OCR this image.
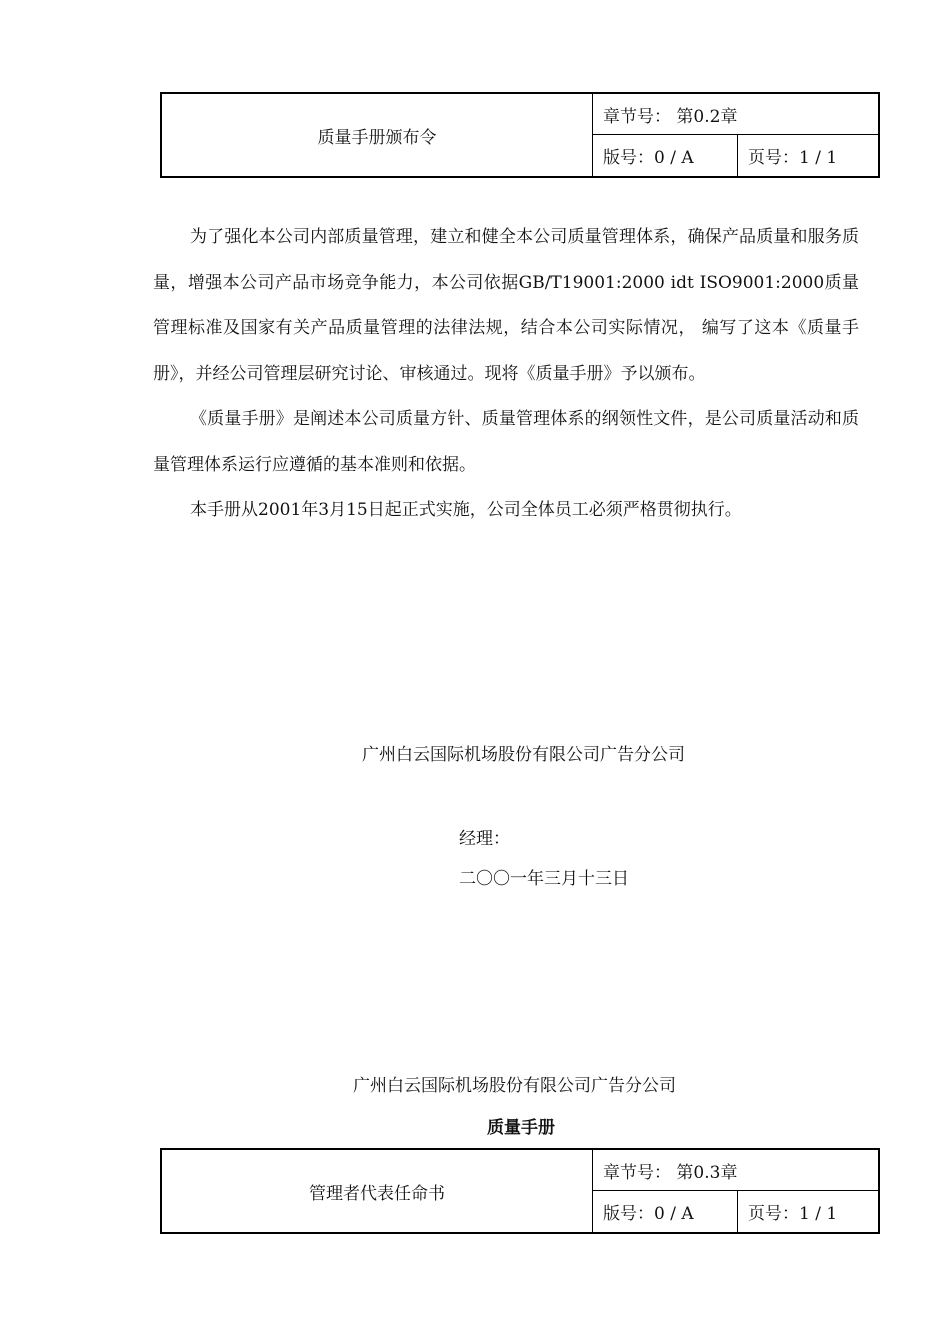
质量手册颁布令	章节号： 第0.2章	
	版号：0 / A	页号：1 / 1

为了强化本公司内部质量管理，建立和健全本公司质量管理体系，确保产品质量和服务质量，增强本公司产品市场竞争能力，本公司依据GB/T19001:2000 idt ISO9001:2000质量管理标准及国家有关产品质量管理的法律法规，结合本公司实际情况， 编写了这本《质量手册》，并经公司管理层研究讨论、审核通过。现将《质量手册》予以颁布。

《质量手册》是阐述本公司质量方针、质量管理体系的纲领性文件，是公司质量活动和质量管理体系运行应遵循的基本准则和依据。

本手册从2001年3月15日起正式实施，公司全体员工必须严格贯彻执行。

广州白云国际机场股份有限公司广告分公司
经理：
二〇〇一年三月十三日
广州白云国际机场股份有限公司广告分公司
质量手册
管理者代表任命书	章节号： 第0.3章	
	版号：0 / A	页号：1 / 1
